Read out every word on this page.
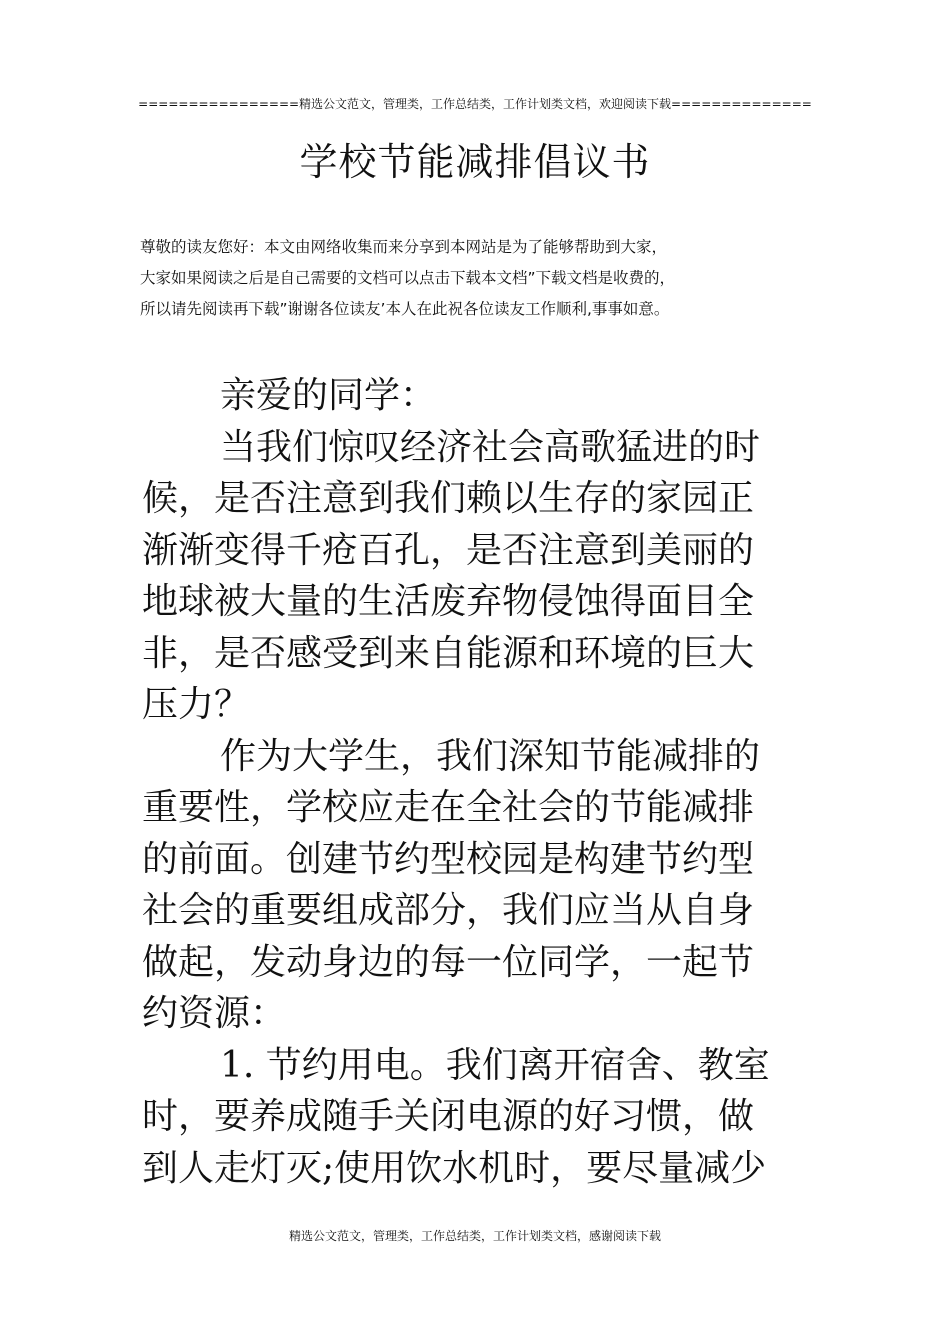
================精选公文范文，管理类，工作总结类，工作计划类文档，欢迎阅读下载==============
学校节能减排倡议书
尊敬的读友您好：本文由网络收集而来分享到本网站是为了能够帮助到大家，
大家如果阅读之后是自己需要的文档可以点击下载本文档”下载文档是收费的，
所以请先阅读再下载”谢谢各位读友’本人在此祝各位读友工作顺利,事事如意。
亲爱的同学：
当我们惊叹经济社会高歌猛进的时
候，是否注意到我们赖以生存的家园正
渐渐变得千疮百孔，是否注意到美丽的
地球被大量的生活废弃物侵蚀得面目全
非，是否感受到来自能源和环境的巨大
压力？
作为大学生，我们深知节能减排的
重要性，学校应走在全社会的节能减排
的前面。创建节约型校园是构建节约型
社会的重要组成部分，我们应当从自身
做起，发动身边的每一位同学，一起节
约资源：
1. 节约用电。我们离开宿舍、教室
时，要养成随手关闭电源的好习惯，做
到人走灯灭;使用饮水机时，要尽量减少
精选公文范文，管理类，工作总结类，工作计划类文档，感谢阅读下载
